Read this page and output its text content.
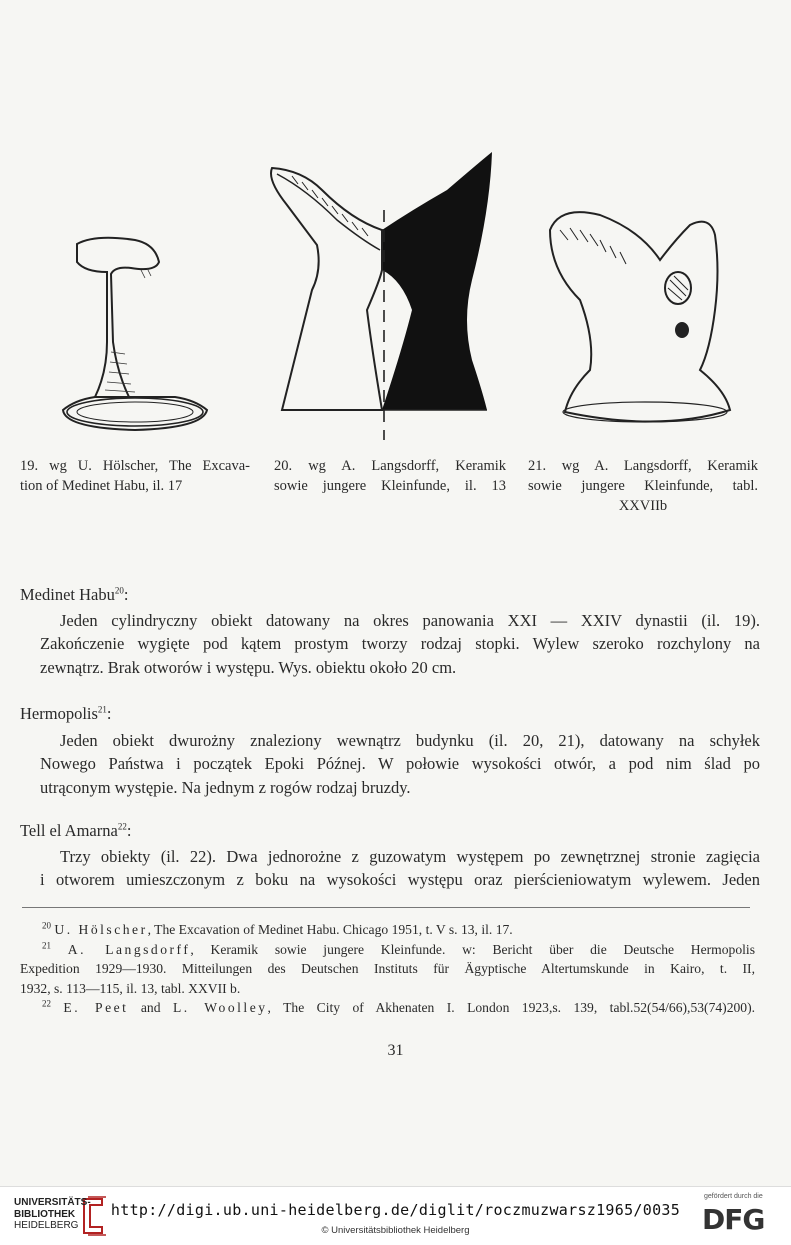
19. wg U. Hölscher, The Excava-
tion of Medinet Habu, il. 17
20. wg A. Langsdorff, Keramik
sowie jungere Kleinfunde, il. 13
21. wg A. Langsdorff, Keramik
sowie jungere Kleinfunde, tabl.
XXVIIb
Medinet Habu$^{20}$:
Jeden cylindryczny obiekt datowany na okres panowania XXI — XXIV dynastii (il. 19).
Zakończenie wygięte pod kątem prostym tworzy rodzaj stopki. Wylew szeroko rozchylony na
zewnątrz. Brak otworów i występu. Wys. obiektu około 20 cm.
Hermopolis$^{21}$:
Jeden obiekt dwurożny znaleziony wewnątrz budynku (il. 20, 21), datowany na schyłek
Nowego Państwa i początek Epoki Późnej. W połowie wysokości otwór, a pod nim ślad po
utrąconym występie. Na jednym z rogów rodzaj bruzdy.
Tell el Amarna$^{22}$:
Trzy obiekty (il. 22). Dwa jednorożne z guzowatym występem po zewnętrznej stronie zagięcia
i otworem umieszczonym z boku na wysokości występu oraz pierścieniowatym wylewem. Jeden
$^{20}$ U. Hölscher, The Excavation of Medinet Habu. Chicago 1951, t. V s. 13, il. 17.
$^{21}$ A. Langsdorff, Keramik sowie jungere Kleinfunde. w: Bericht über die Deutsche Hermopolis
Expedition 1929—1930. Mitteilungen des Deutschen Instituts für Ägyptische Altertumskunde in Kairo, t. II,
1932, s. 113—115, il. 13, tabl. XXVII b.
$^{22}$ E. Peet and L. Woolley, The City of Akhenaten I. London 1923,s. 139, tabl.52(54/66),53(74)200).
31
UNIVERSITÄTS-
BIBLIOTHEK
HEIDELBERG
http://digi.ub.uni-heidelberg.de/diglit/roczmuzwarsz1965/0035
© Universitätsbibliothek Heidelberg
gefördert durch die
DFG
